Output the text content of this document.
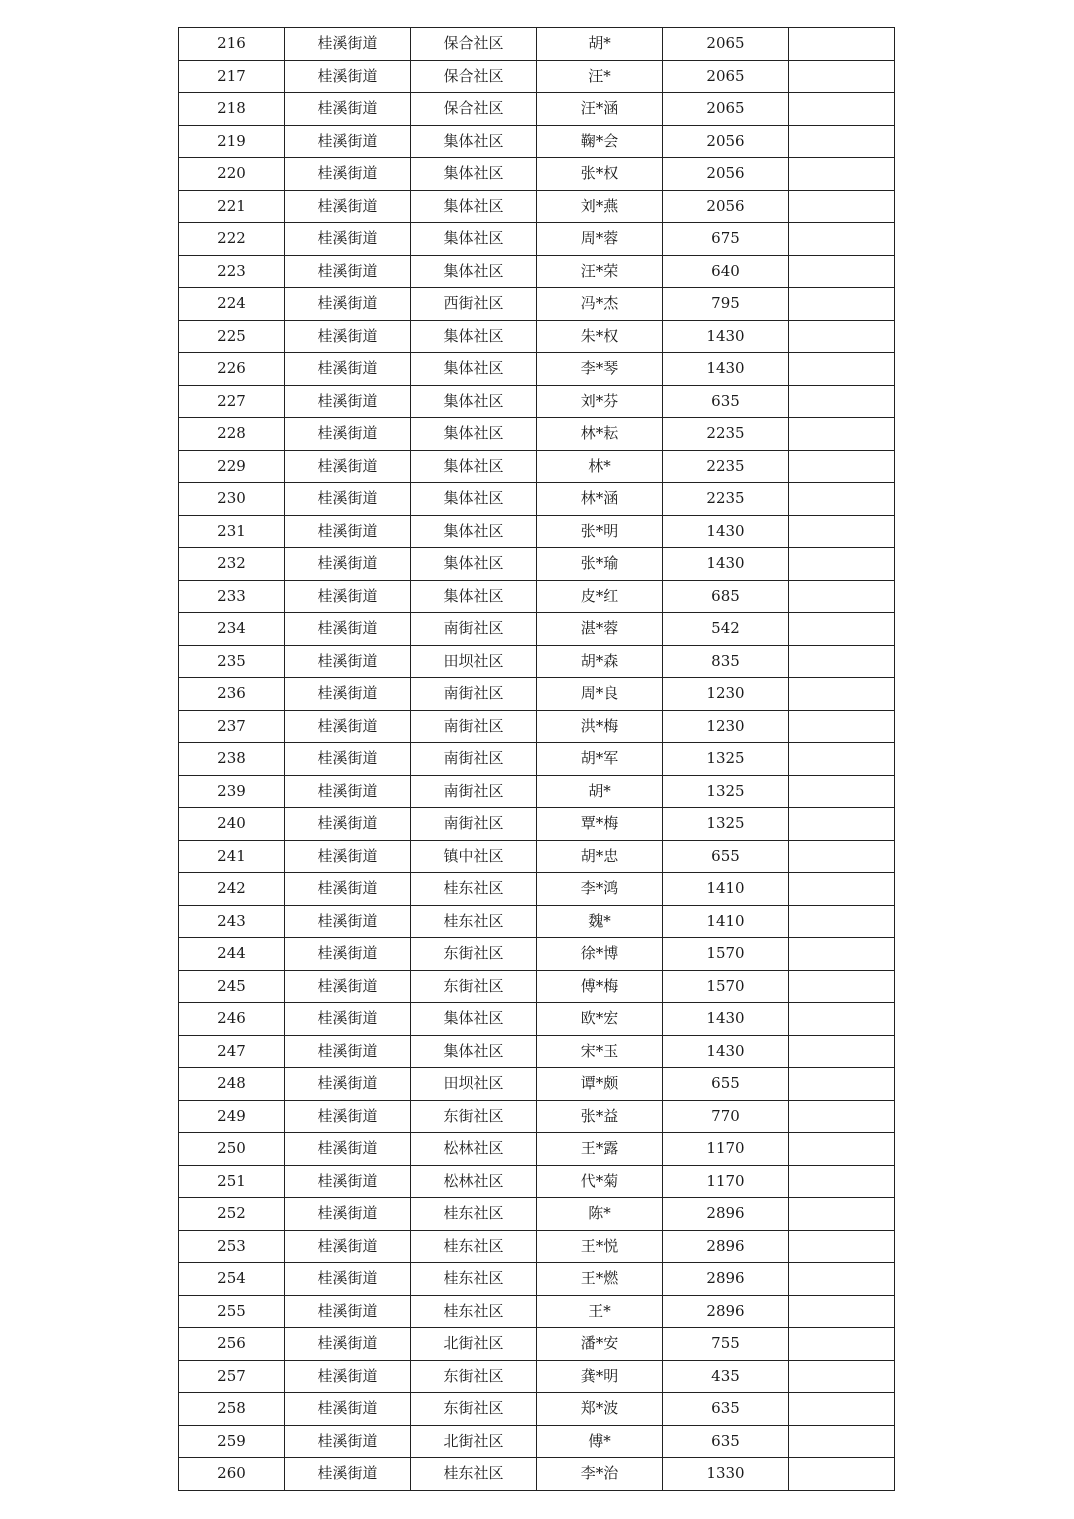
216	桂溪街道	保合社区	胡*	2065	
217	桂溪街道	保合社区	汪*	2065	
218	桂溪街道	保合社区	汪*涵	2065	
219	桂溪街道	集体社区	鞠*会	2056	
220	桂溪街道	集体社区	张*权	2056	
221	桂溪街道	集体社区	刘*燕	2056	
222	桂溪街道	集体社区	周*蓉	675	
223	桂溪街道	集体社区	汪*荣	640	
224	桂溪街道	西街社区	冯*杰	795	
225	桂溪街道	集体社区	朱*权	1430	
226	桂溪街道	集体社区	李*琴	1430	
227	桂溪街道	集体社区	刘*芬	635	
228	桂溪街道	集体社区	林*耘	2235	
229	桂溪街道	集体社区	林*	2235	
230	桂溪街道	集体社区	林*涵	2235	
231	桂溪街道	集体社区	张*明	1430	
232	桂溪街道	集体社区	张*瑜	1430	
233	桂溪街道	集体社区	皮*红	685	
234	桂溪街道	南街社区	湛*蓉	542	
235	桂溪街道	田坝社区	胡*森	835	
236	桂溪街道	南街社区	周*良	1230	
237	桂溪街道	南街社区	洪*梅	1230	
238	桂溪街道	南街社区	胡*军	1325	
239	桂溪街道	南街社区	胡*	1325	
240	桂溪街道	南街社区	覃*梅	1325	
241	桂溪街道	镇中社区	胡*忠	655	
242	桂溪街道	桂东社区	李*鸿	1410	
243	桂溪街道	桂东社区	魏*	1410	
244	桂溪街道	东街社区	徐*博	1570	
245	桂溪街道	东街社区	傅*梅	1570	
246	桂溪街道	集体社区	欧*宏	1430	
247	桂溪街道	集体社区	宋*玉	1430	
248	桂溪街道	田坝社区	谭*颇	655	
249	桂溪街道	东街社区	张*益	770	
250	桂溪街道	松林社区	王*露	1170	
251	桂溪街道	松林社区	代*菊	1170	
252	桂溪街道	桂东社区	陈*	2896	
253	桂溪街道	桂东社区	王*悦	2896	
254	桂溪街道	桂东社区	王*燃	2896	
255	桂溪街道	桂东社区	王*	2896	
256	桂溪街道	北街社区	潘*安	755	
257	桂溪街道	东街社区	龚*明	435	
258	桂溪街道	东街社区	郑*波	635	
259	桂溪街道	北街社区	傅*	635	
260	桂溪街道	桂东社区	李*治	1330	
